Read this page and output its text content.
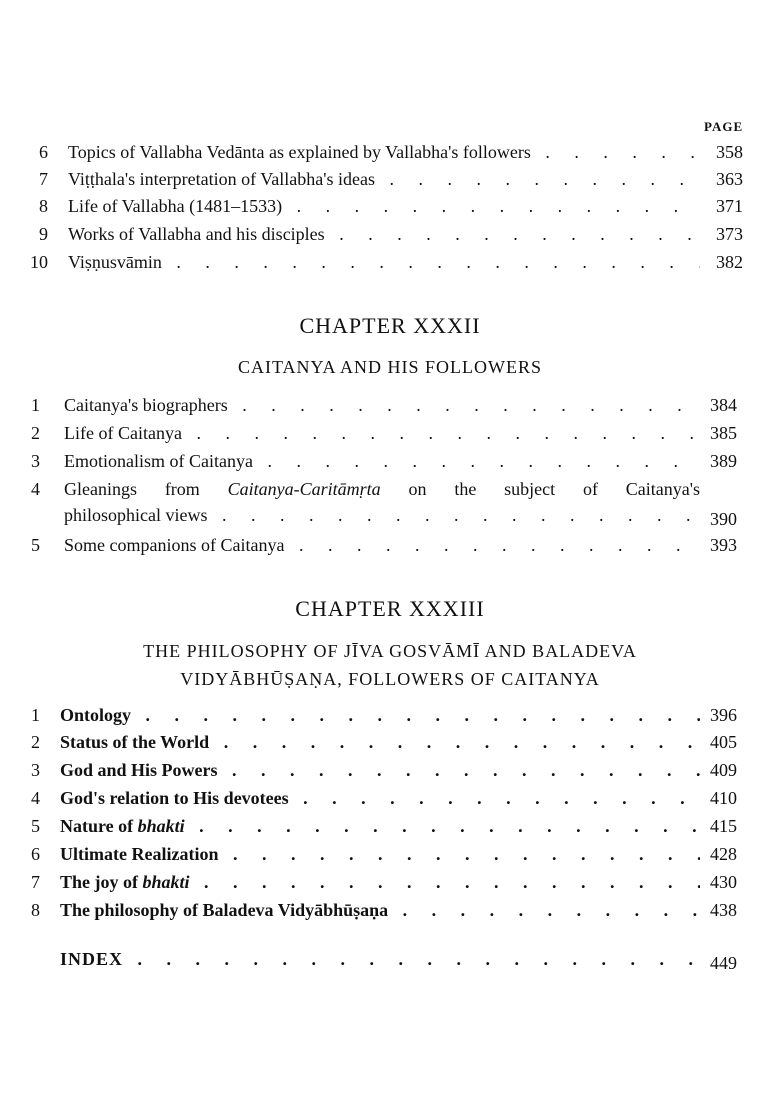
PAGE
6 Topics of Vallabha Vedānta as explained by Vallabha's followers . . .	358
7 Viṭṭhala's interpretation of Vallabha's ideas . . .	363
8 Life of Vallabha (1481–1533) . . .	371
9 Works of Vallabha and his disciples . . .	373
10 Viṣṇusvāmin . . .	382
CHAPTER XXXII
CAITANYA AND HIS FOLLOWERS
1 Caitanya's biographers . . .	384
2 Life of Caitanya . . .	385
3 Emotionalism of Caitanya . . .	389
4 Gleanings from Caitanya-Caritāmṛta on the subject of Caitanya's
philosophical views . . .	390
5 Some companions of Caitanya . . .	393
CHAPTER XXXIII
THE PHILOSOPHY OF JĪVA GOSVĀMĪ AND BALADEVA
VIDYĀBHŪṢAṆA, FOLLOWERS OF CAITANYA
1 Ontology . . .	396
2 Status of the World . . .	405
3 God and His Powers . . .	409
4 God's relation to His devotees . . .	410
5 Nature of bhakti . . .	415
6 Ultimate Realization . . .	428
7 The joy of bhakti . . .	430
8 The philosophy of Baladeva Vidyābhūṣaṇa . . .	438
INDEX . . .	449
